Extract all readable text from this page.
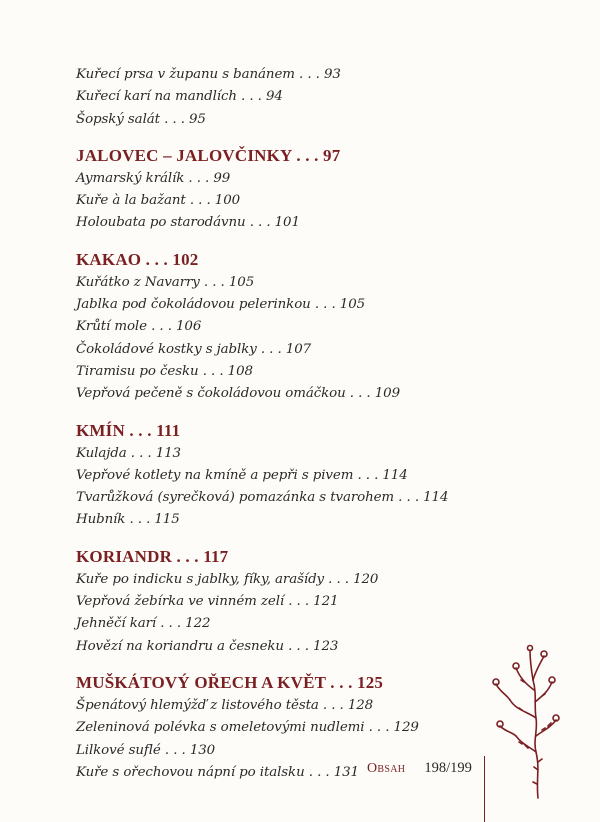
Kuřecí prsa v županu s banánem . . . 93
Kuřecí karí na mandlích . . . 94
Šopský salát . . . 95
JALOVEC – JALOVČINKY . . . 97
Aymarský králík . . . 99
Kuře à la bažant . . . 100
Holoubata po starodávnu . . . 101
KAKAO . . . 102
Kuřátko z Navarry . . . 105
Jablka pod čokoládovou pelerinkou . . . 105
Krůtí mole . . . 106
Čokoládové kostky s jablky . . . 107
Tiramisu po česku . . . 108
Vepřová pečeně s čokoládovou omáčkou . . . 109
KMÍN . . . 111
Kulajda . . . 113
Vepřové kotlety na kmíně a pepři s pivem . . . 114
Tvarůžková (syrečková) pomazánka s tvarohem . . . 114
Hubník . . . 115
KORIANDR . . . 117
Kuře po indicku s jablky, fíky, arašídy . . . 120
Vepřová žebírka ve vinném zelí . . . 121
Jehněčí karí . . . 122
Hovězí na koriandru a česneku . . . 123
MUŠKÁTOVÝ OŘECH A KVĚT . . . 125
Špenátový hlemýžď z listového těsta . . . 128
Zeleninová polévka s omeletovými nudlemi . . . 129
Lilkové suflé . . . 130
Kuře s ořechovou nápní po italsku . . . 131 Obsah 198/199
